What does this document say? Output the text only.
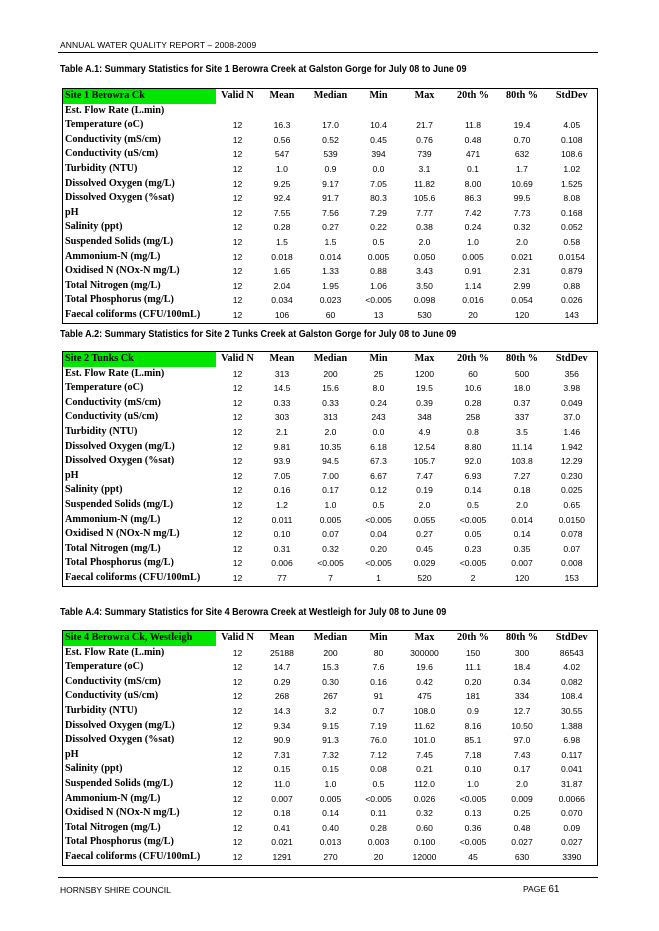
ANNUAL WATER QUALITY REPORT – 2008-2009
Table A.1: Summary Statistics for Site 1 Berowra Creek at Galston Gorge for July 08 to June 09
Site 1 Berowra Ck	Valid N	Mean	Median	Min	Max	20th %	80th %	StdDev
Est. Flow Rate (L.min)								
Temperature (oC)	12	16.3	17.0	10.4	21.7	11.8	19.4	4.05
Conductivity (mS/cm)	12	0.56	0.52	0.45	0.76	0.48	0.70	0.108
Conductivity (uS/cm)	12	547	539	394	739	471	632	108.6
Turbidity (NTU)	12	1.0	0.9	0.0	3.1	0.1	1.7	1.02
Dissolved Oxygen (mg/L)	12	9.25	9.17	7.05	11.82	8.00	10.69	1.525
Dissolved Oxygen (%sat)	12	92.4	91.7	80.3	105.6	86.3	99.5	8.08
pH	12	7.55	7.56	7.29	7.77	7.42	7.73	0.168
Salinity (ppt)	12	0.28	0.27	0.22	0.38	0.24	0.32	0.052
Suspended Solids (mg/L)	12	1.5	1.5	0.5	2.0	1.0	2.0	0.58
Ammonium-N (mg/L)	12	0.018	0.014	0.005	0.050	0.005	0.021	0.0154
Oxidised N (NOx-N mg/L)	12	1.65	1.33	0.88	3.43	0.91	2.31	0.879
Total Nitrogen (mg/L)	12	2.04	1.95	1.06	3.50	1.14	2.99	0.88
Total Phosphorus (mg/L)	12	0.034	0.023	<0.005	0.098	0.016	0.054	0.026
Faecal coliforms (CFU/100mL)	12	106	60	13	530	20	120	143
Table A.2: Summary Statistics for Site 2 Tunks Creek at Galston Gorge for July 08 to June 09
Site 2 Tunks Ck	Valid N	Mean	Median	Min	Max	20th %	80th %	StdDev
Est. Flow Rate (L.min)	12	313	200	25	1200	60	500	356
Temperature (oC)	12	14.5	15.6	8.0	19.5	10.6	18.0	3.98
Conductivity (mS/cm)	12	0.33	0.33	0.24	0.39	0.28	0.37	0.049
Conductivity (uS/cm)	12	303	313	243	348	258	337	37.0
Turbidity (NTU)	12	2.1	2.0	0.0	4.9	0.8	3.5	1.46
Dissolved Oxygen (mg/L)	12	9.81	10.35	6.18	12.54	8.80	11.14	1.942
Dissolved Oxygen (%sat)	12	93.9	94.5	67.3	105.7	92.0	103.8	12.29
pH	12	7.05	7.00	6.67	7.47	6.93	7.27	0.230
Salinity (ppt)	12	0.16	0.17	0.12	0.19	0.14	0.18	0.025
Suspended Solids (mg/L)	12	1.2	1.0	0.5	2.0	0.5	2.0	0.65
Ammonium-N (mg/L)	12	0.011	0.005	<0.005	0.055	<0.005	0.014	0.0150
Oxidised N (NOx-N mg/L)	12	0.10	0.07	0.04	0.27	0.05	0.14	0.078
Total Nitrogen (mg/L)	12	0.31	0.32	0.20	0.45	0.23	0.35	0.07
Total Phosphorus (mg/L)	12	0.006	<0.005	<0.005	0.029	<0.005	0.007	0.008
Faecal coliforms (CFU/100mL)	12	77	7	1	520	2	120	153
Table A.4: Summary Statistics for Site 4 Berowra Creek at Westleigh for July 08 to June 09
Site 4 Berowra Ck, Westleigh	Valid N	Mean	Median	Min	Max	20th %	80th %	StdDev
Est. Flow Rate (L.min)	12	25188	200	80	300000	150	300	86543
Temperature (oC)	12	14.7	15.3	7.6	19.6	11.1	18.4	4.02
Conductivity (mS/cm)	12	0.29	0.30	0.16	0.42	0.20	0.34	0.082
Conductivity (uS/cm)	12	268	267	91	475	181	334	108.4
Turbidity (NTU)	12	14.3	3.2	0.7	108.0	0.9	12.7	30.55
Dissolved Oxygen (mg/L)	12	9.34	9.15	7.19	11.62	8.16	10.50	1.388
Dissolved Oxygen (%sat)	12	90.9	91.3	76.0	101.0	85.1	97.0	6.98
pH	12	7.31	7.32	7.12	7.45	7.18	7.43	0.117
Salinity (ppt)	12	0.15	0.15	0.08	0.21	0.10	0.17	0.041
Suspended Solids (mg/L)	12	11.0	1.0	0.5	112.0	1.0	2.0	31.87
Ammonium-N (mg/L)	12	0.007	0.005	<0.005	0.026	<0.005	0.009	0.0066
Oxidised N (NOx-N mg/L)	12	0.18	0.14	0.11	0.32	0.13	0.25	0.070
Total Nitrogen (mg/L)	12	0.41	0.40	0.28	0.60	0.36	0.48	0.09
Total Phosphorus (mg/L)	12	0.021	0.013	0.003	0.100	<0.005	0.027	0.027
Faecal coliforms (CFU/100mL)	12	1291	270	20	12000	45	630	3390
HORNSBY SHIRE COUNCIL	PAGE 61
